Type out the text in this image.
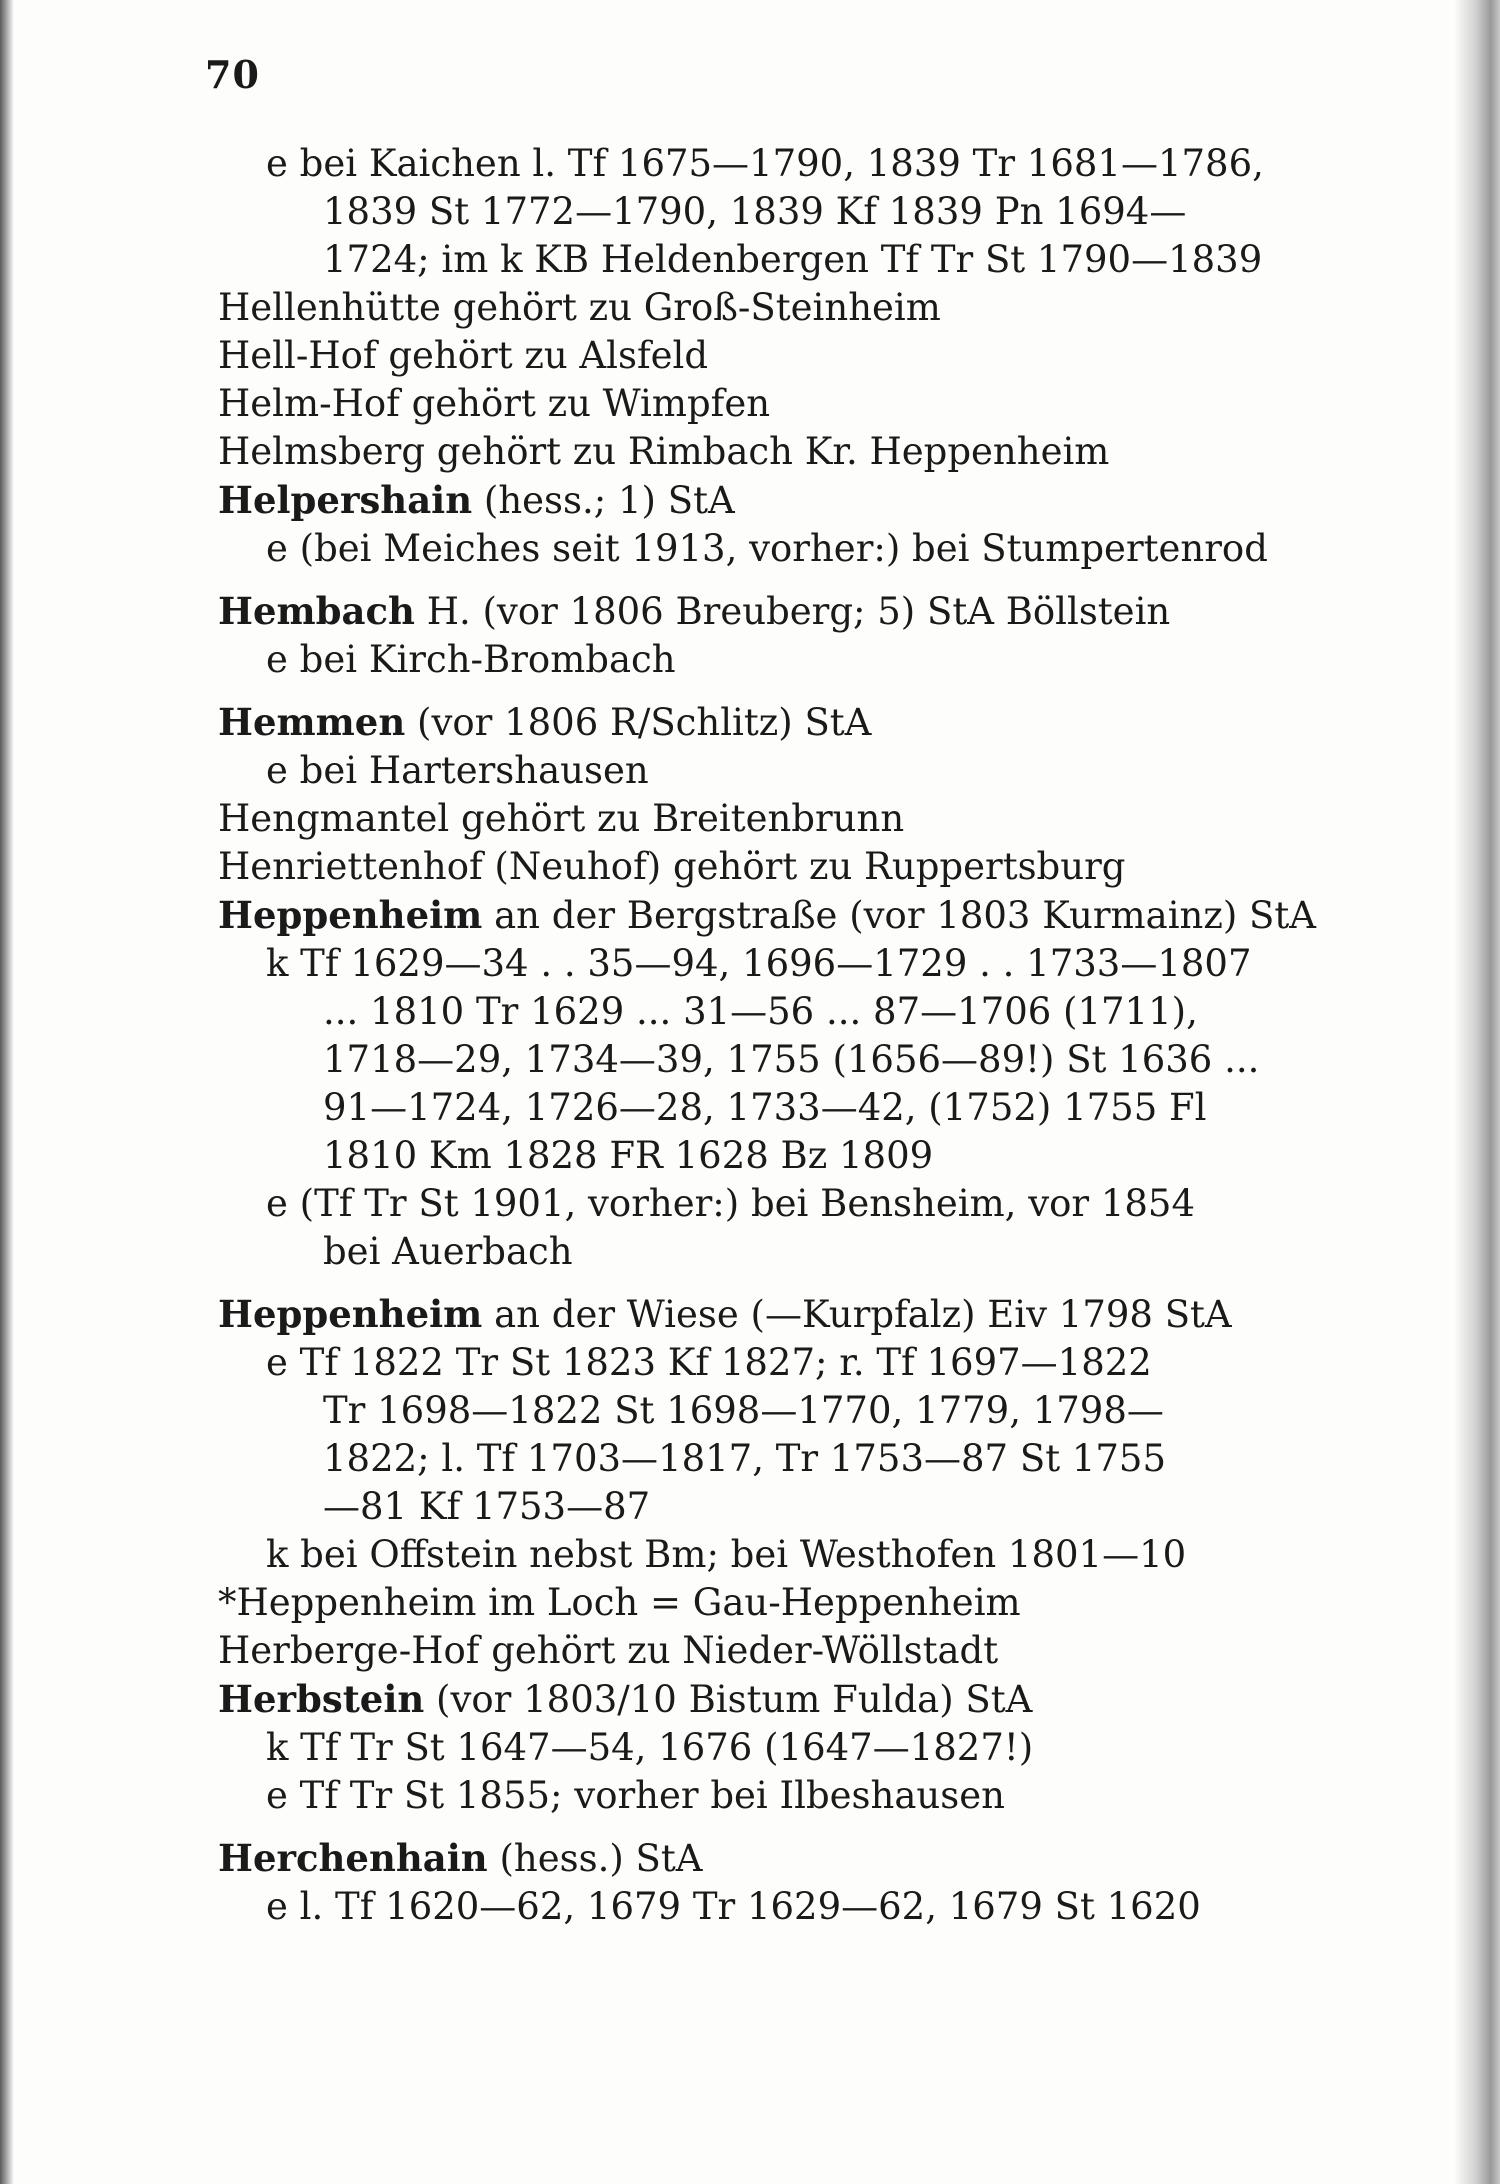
70
e bei Kaichen l. Tf 1675—1790, 1839 Tr 1681—1786,
1839 St 1772—1790, 1839 Kf 1839 Pn 1694—
1724; im k KB Heldenbergen Tf Tr St 1790—1839
Hellenhütte gehört zu Groß-Steinheim
Hell-Hof gehört zu Alsfeld
Helm-Hof gehört zu Wimpfen
Helmsberg gehört zu Rimbach Kr. Heppenheim
Helpershain (hess.; 1) StA
e (bei Meiches seit 1913, vorher:) bei Stumpertenrod
Hembach H. (vor 1806 Breuberg; 5) StA Böllstein
e bei Kirch-Brombach
Hemmen (vor 1806 R/Schlitz) StA
e bei Hartershausen
Hengmantel gehört zu Breitenbrunn
Henriettenhof (Neuhof) gehört zu Ruppertsburg
Heppenheim an der Bergstraße (vor 1803 Kurmainz) StA
k Tf 1629—34 . . 35—94, 1696—1729 . . 1733—1807
... 1810 Tr 1629 ... 31—56 ... 87—1706 (1711),
1718—29, 1734—39, 1755 (1656—89!) St 1636 ...
91—1724, 1726—28, 1733—42, (1752) 1755 Fl
1810 Km 1828 FR 1628 Bz 1809
e (Tf Tr St 1901, vorher:) bei Bensheim, vor 1854
bei Auerbach
Heppenheim an der Wiese (—Kurpfalz) Eiv 1798 StA
e Tf 1822 Tr St 1823 Kf 1827; r. Tf 1697—1822
Tr 1698—1822 St 1698—1770, 1779, 1798—
1822; l. Tf 1703—1817, Tr 1753—87 St 1755
—81 Kf 1753—87
k bei Offstein nebst Bm; bei Westhofen 1801—10
*Heppenheim im Loch = Gau-Heppenheim
Herberge-Hof gehört zu Nieder-Wöllstadt
Herbstein (vor 1803/10 Bistum Fulda) StA
k Tf Tr St 1647—54, 1676 (1647—1827!)
e Tf Tr St 1855; vorher bei Ilbeshausen
Herchenhain (hess.) StA
e l. Tf 1620—62, 1679 Tr 1629—62, 1679 St 1620
